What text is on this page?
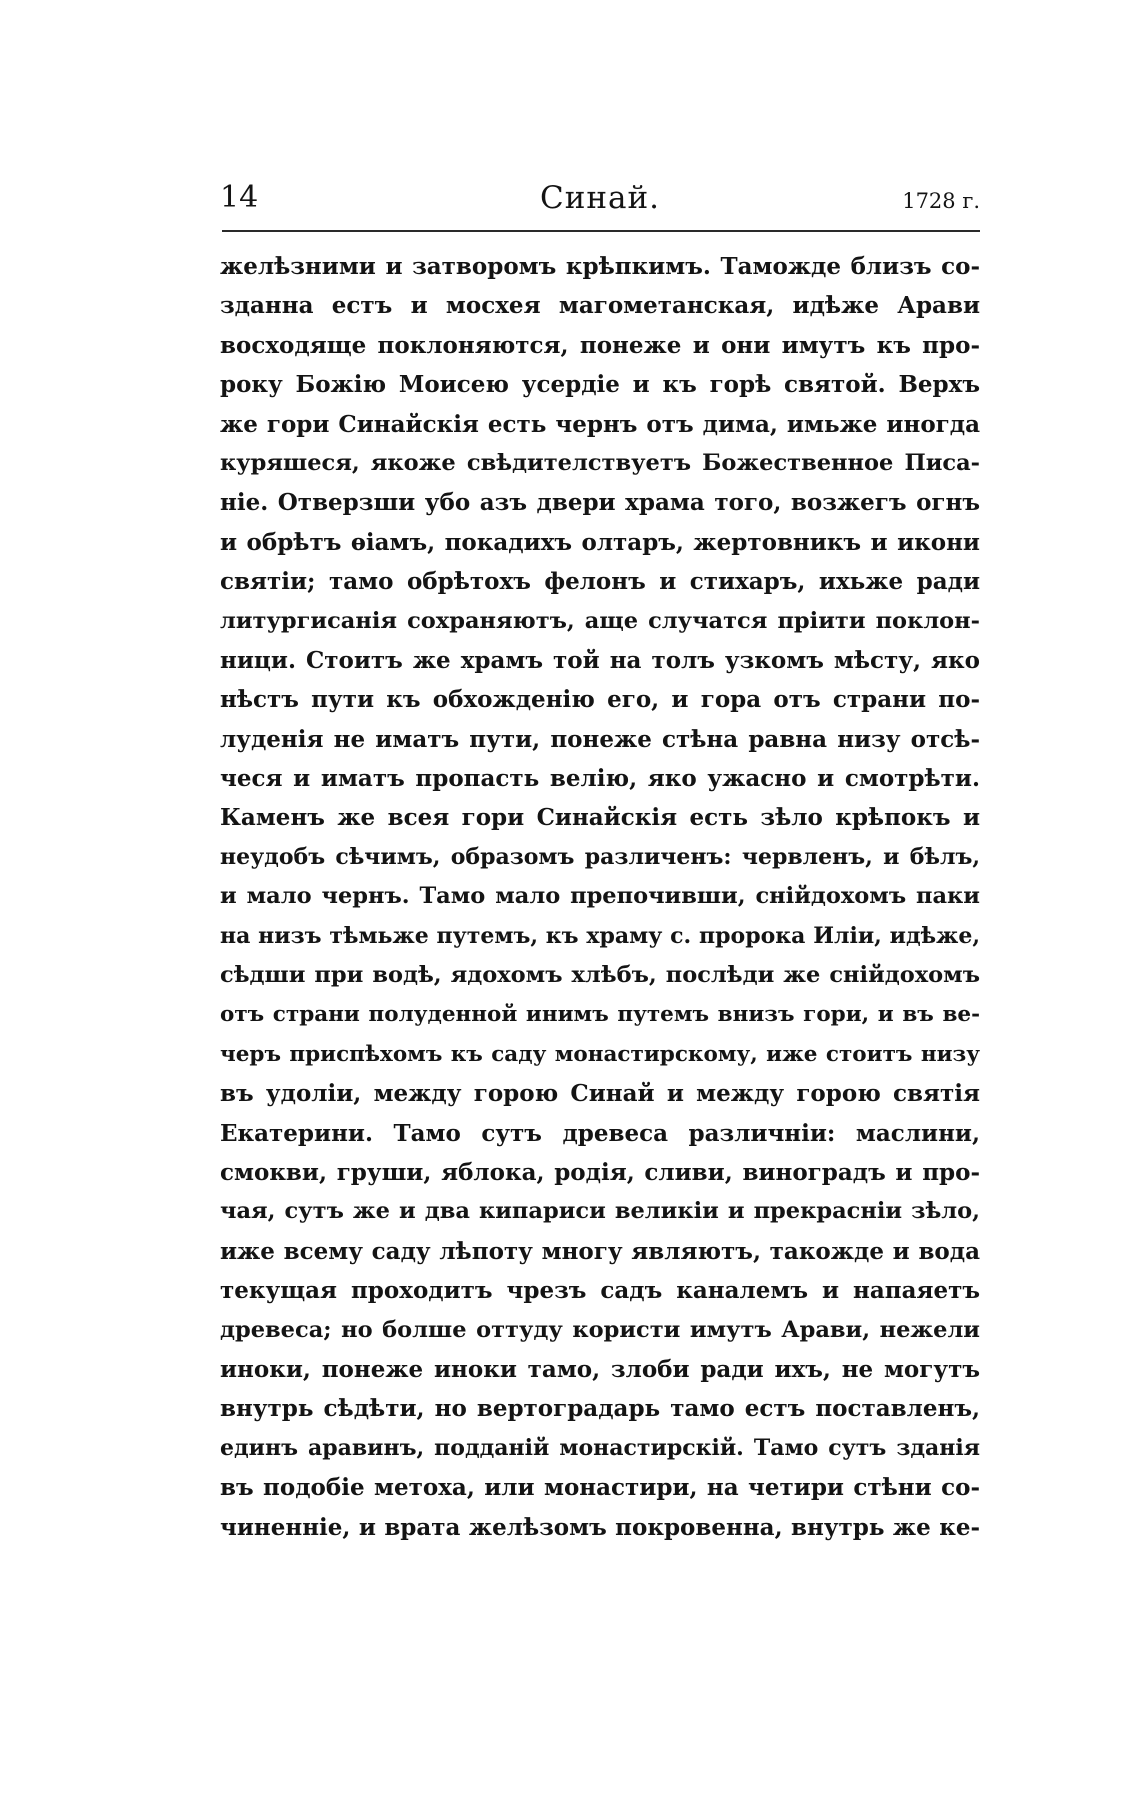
14	Синай.	1728 г.
желѣзними и затворомъ крѣпкимъ. Тамождe близъ со-
зданна естъ и мосхея магометанская, идѣже Арави
восходяще поклоняются, понеже и они имутъ къ про-
року Божію Моисею усердіе и къ горѣ святой. Верхъ
же гори Синайскія есть чернъ отъ дима, имьже иногда
куряшеся, якоже свѣдителствуетъ Божественное Писа-
ніе. Отверзши убо азъ двери храма того, возжегъ огнъ
и обрѣтъ ѳіамъ, покадихъ олтаръ, жертовникъ и икони
святіи; тамо обрѣтохъ фелонъ и стихаръ, ихьже ради
литургисанія сохраняютъ, аще случатся пріити поклон-
ници. Стоитъ же храмъ той на толъ узкомъ мѣсту, яко
нѣстъ пути къ обхожденію его, и гора отъ страни по-
луденія не иматъ пути, понеже стѣна равна низу отсѣ-
чеся и иматъ пропасть велію, яко ужасно и смотрѣти.
Каменъ же всея гори Синайскія есть зѣло крѣпокъ и
неудобъ сѣчимъ, образомъ различенъ: червленъ, и бѣлъ,
и мало чернъ. Тамо мало препочивши, снійдохомъ паки
на низъ тѣмьже путемъ, къ храму с. пророка Иліи, идѣже,
сѣдши при водѣ, ядохомъ хлѣбъ, послѣди же снійдохомъ
отъ страни полуденной инимъ путемъ внизъ гори, и въ ве-
черъ приспѣхомъ къ саду монастирскому, иже стоитъ низу
въ удоліи, между горою Синай и между горою святія
Екатерини. Тамо сутъ древеса различніи: маслини,
смокви, груши, яблока, родія, сливи, виноградъ и про-
чая, сутъ же и два кипариси великіи и прекрасніи зѣло,
иже всему саду лѣпоту многу являютъ, такожде и вода
текущая проходитъ чрезъ садъ каналемъ и напаяетъ
древеса; но болше оттуду користи имутъ Арави, нежели
иноки, понеже иноки тамо, злоби ради ихъ, не могутъ
внутрь сѣдѣти, но вертоградарь тамо естъ поставленъ,
единъ аравинъ, подданій монастирскій. Тамо сутъ зданія
въ подобіе метоха, или монастири, на четири стѣни со-
чиненніе, и врата желѣзомъ покровенна, внутрь же ке-
